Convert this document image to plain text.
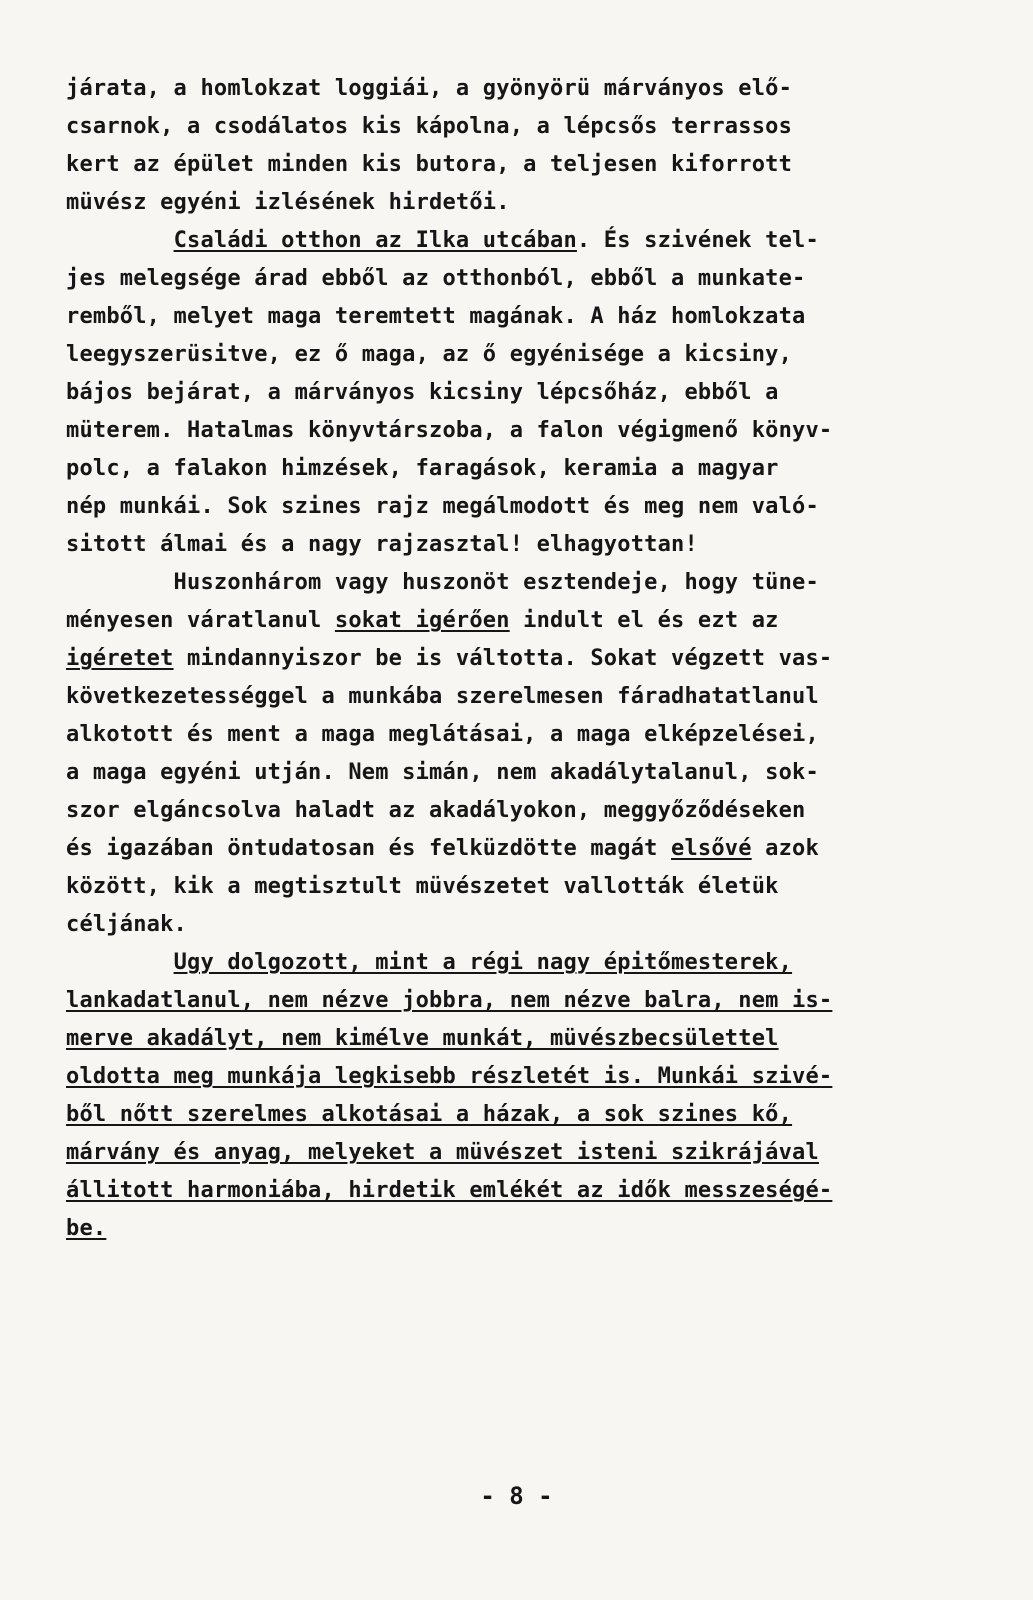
járata, a homlokzat loggiái, a gyönyörü márványos elő-
csarnok, a csodálatos kis kápolna, a lépcsős terrassos
kert az épület minden kis butora, a teljesen kiforrott
müvész egyéni izlésének hirdetői.
Családi otthon az Ilka utcában. És szivének tel-
jes melegsége árad ebből az otthonból, ebből a munkate-
remből, melyet maga teremtett magának. A ház homlokzata
leegyszerüsitve, ez ő maga, az ő egyénisége a kicsiny,
bájos bejárat, a márványos kicsiny lépcsőház, ebből a
müterem. Hatalmas könyvtárszoba, a falon végigmenő könyv-
polc, a falakon himzések, faragások, keramia a magyar
nép munkái. Sok szines rajz megálmodott és meg nem való-
sitott álmai és a nagy rajzasztal! elhagyottan!
Huszonhárom vagy huszonöt esztendeje, hogy tüne-
ményesen váratlanul sokat igérően indult el és ezt az
igéretet mindannyiszor be is váltotta. Sokat végzett vas-
következetességgel a munkába szerelmesen fáradhatatlanul
alkotott és ment a maga meglátásai, a maga elképzelései,
a maga egyéni utján. Nem simán, nem akadálytalanul, sok-
szor elgáncsolva haladt az akadályokon, meggyőződéseken
és igazában öntudatosan és felküzdötte magát elsővé azok
között, kik a megtisztult müvészetet vallották életük
céljának.
Ugy dolgozott, mint a régi nagy épitőmesterek,
lankadatlanul, nem nézve jobbra, nem nézve balra, nem is-
merve akadályt, nem kimélve munkát, müvészbecsülettel
oldotta meg munkája legkisebb részletét is. Munkái szivé-
ből nőtt szerelmes alkotásai a házak, a sok szines kő,
márvány és anyag, melyeket a müvészet isteni szikrájával
állitott harmoniába, hirdetik emlékét az idők messzeségé-
be.
- 8 -
